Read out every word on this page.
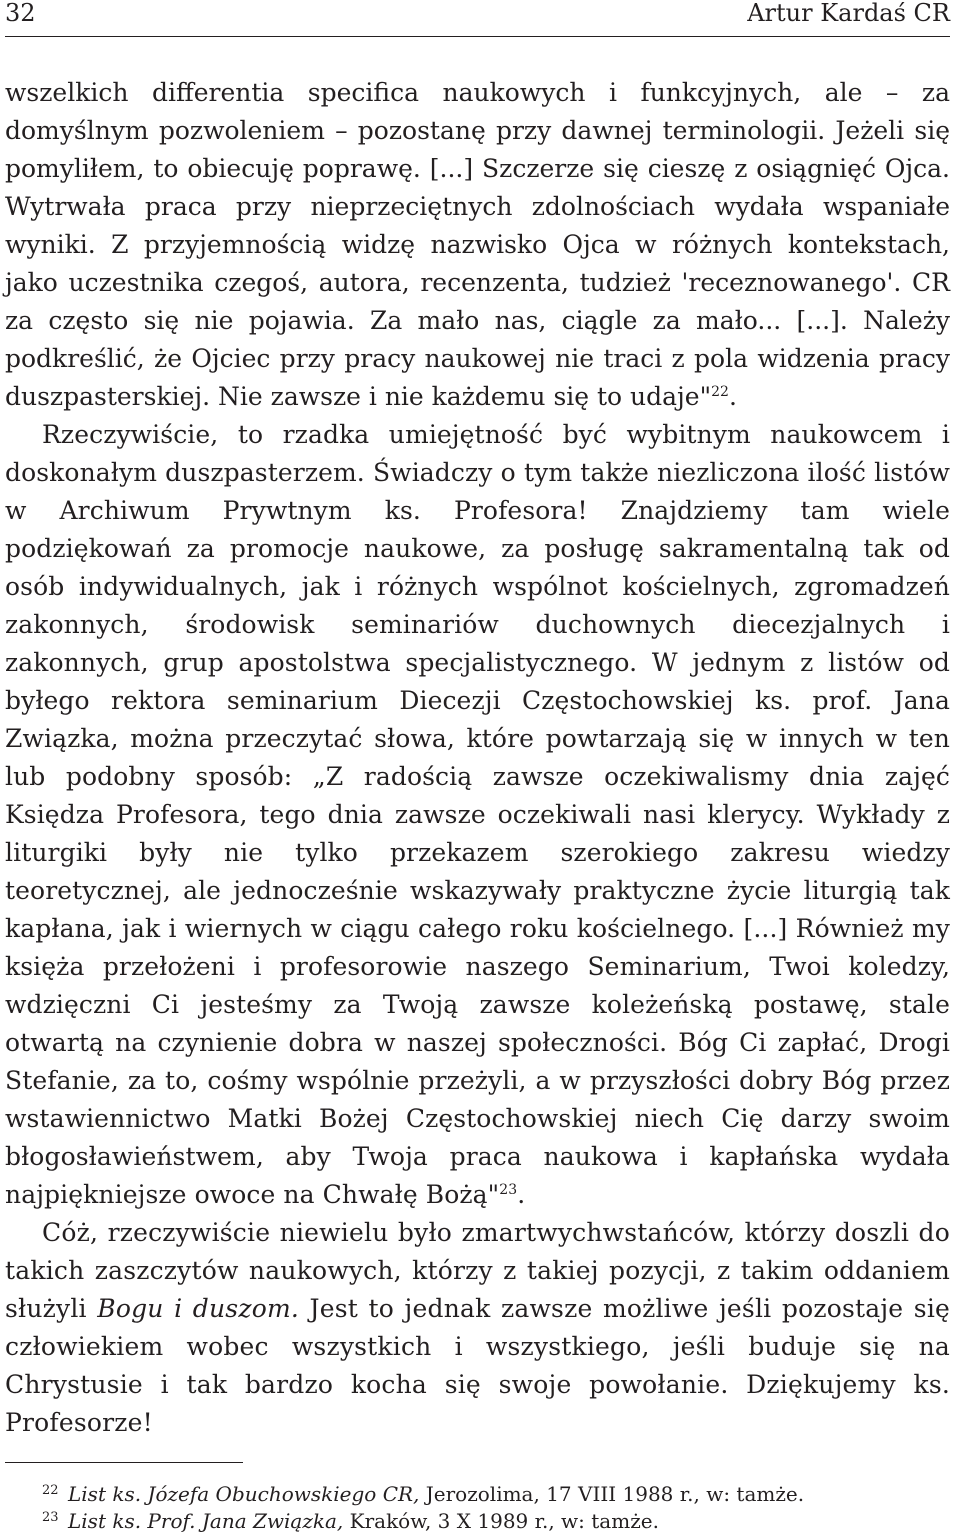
32	Artur Kardaś CR

wszelkich differentia specifica naukowych i funkcyjnych, ale – za domyślnym pozwoleniem – pozostanę przy dawnej terminologii. Jeżeli się pomyliłem, to obiecuję poprawę. [...] Szczerze się cieszę z osiągnięć Ojca. Wytrwała praca przy nieprzeciętnych zdolnościach wydała wspaniałe wyniki. Z przyjemnością widzę nazwisko Ojca w różnych kontekstach, jako uczestnika czegoś, autora, recenzenta, tudzież 'receznowanego'. CR za często się nie pojawia. Za mało nas, ciągle za mało... [...]. Należy podkreślić, że Ojciec przy pracy naukowej nie traci z pola widzenia pracy duszpasterskiej. Nie zawsze i nie każdemu się to udaje"$^{22}$.

Rzeczywiście, to rzadka umiejętność być wybitnym naukowcem i doskonałym duszpasterzem. Świadczy o tym także niezliczona ilość listów w Archiwum Prywtnym ks. Profesora! Znajdziemy tam wiele podziękowań za promocje naukowe, za posługę sakramentalną tak od osób indywidualnych, jak i różnych wspólnot kościelnych, zgromadzeń zakonnych, środowisk seminariów duchownych diecezjalnych i zakonnych, grup apostolstwa specjalistycznego. W jednym z listów od byłego rektora seminarium Diecezji Częstochowskiej ks. prof. Jana Związka, można przeczytać słowa, które powtarzają się w innych w ten lub podobny sposób: „Z radością zawsze oczekiwalismy dnia zajęć Księdza Profesora, tego dnia zawsze oczekiwali nasi klerycy. Wykłady z liturgiki były nie tylko przekazem szerokiego zakresu wiedzy teoretycznej, ale jednocześnie wskazywały praktyczne życie liturgią tak kapłana, jak i wiernych w ciągu całego roku kościelnego. [...] Również my księża przełożeni i profesorowie naszego Seminarium, Twoi koledzy, wdzięczni Ci jesteśmy za Twoją zawsze koleżeńską postawę, stale otwartą na czynienie dobra w naszej społeczności. Bóg Ci zapłać, Drogi Stefanie, za to, cośmy wspólnie przeżyli, a w przyszłości dobry Bóg przez wstawiennictwo Matki Bożej Częstochowskiej niech Cię darzy swoim błogosławieństwem, aby Twoja praca naukowa i kapłańska wydała najpiękniejsze owoce na Chwałę Bożą"$^{23}$.

Cóż, rzeczywiście niewielu było zmartwychwstańców, którzy doszli do takich zaszczytów naukowych, którzy z takiej pozycji, z takim oddaniem służyli Bogu i duszom. Jest to jednak zawsze możliwe jeśli pozostaje się człowiekiem wobec wszystkich i wszystkiego, jeśli buduje się na Chrystusie i tak bardzo kocha się swoje powołanie. Dziękujemy ks. Profesorze!

22 List ks. Józefa Obuchowskiego CR, Jerozolima, 17 VIII 1988 r., w: tamże.

23 List ks. Prof. Jana Związka, Kraków, 3 X 1989 r., w: tamże.
